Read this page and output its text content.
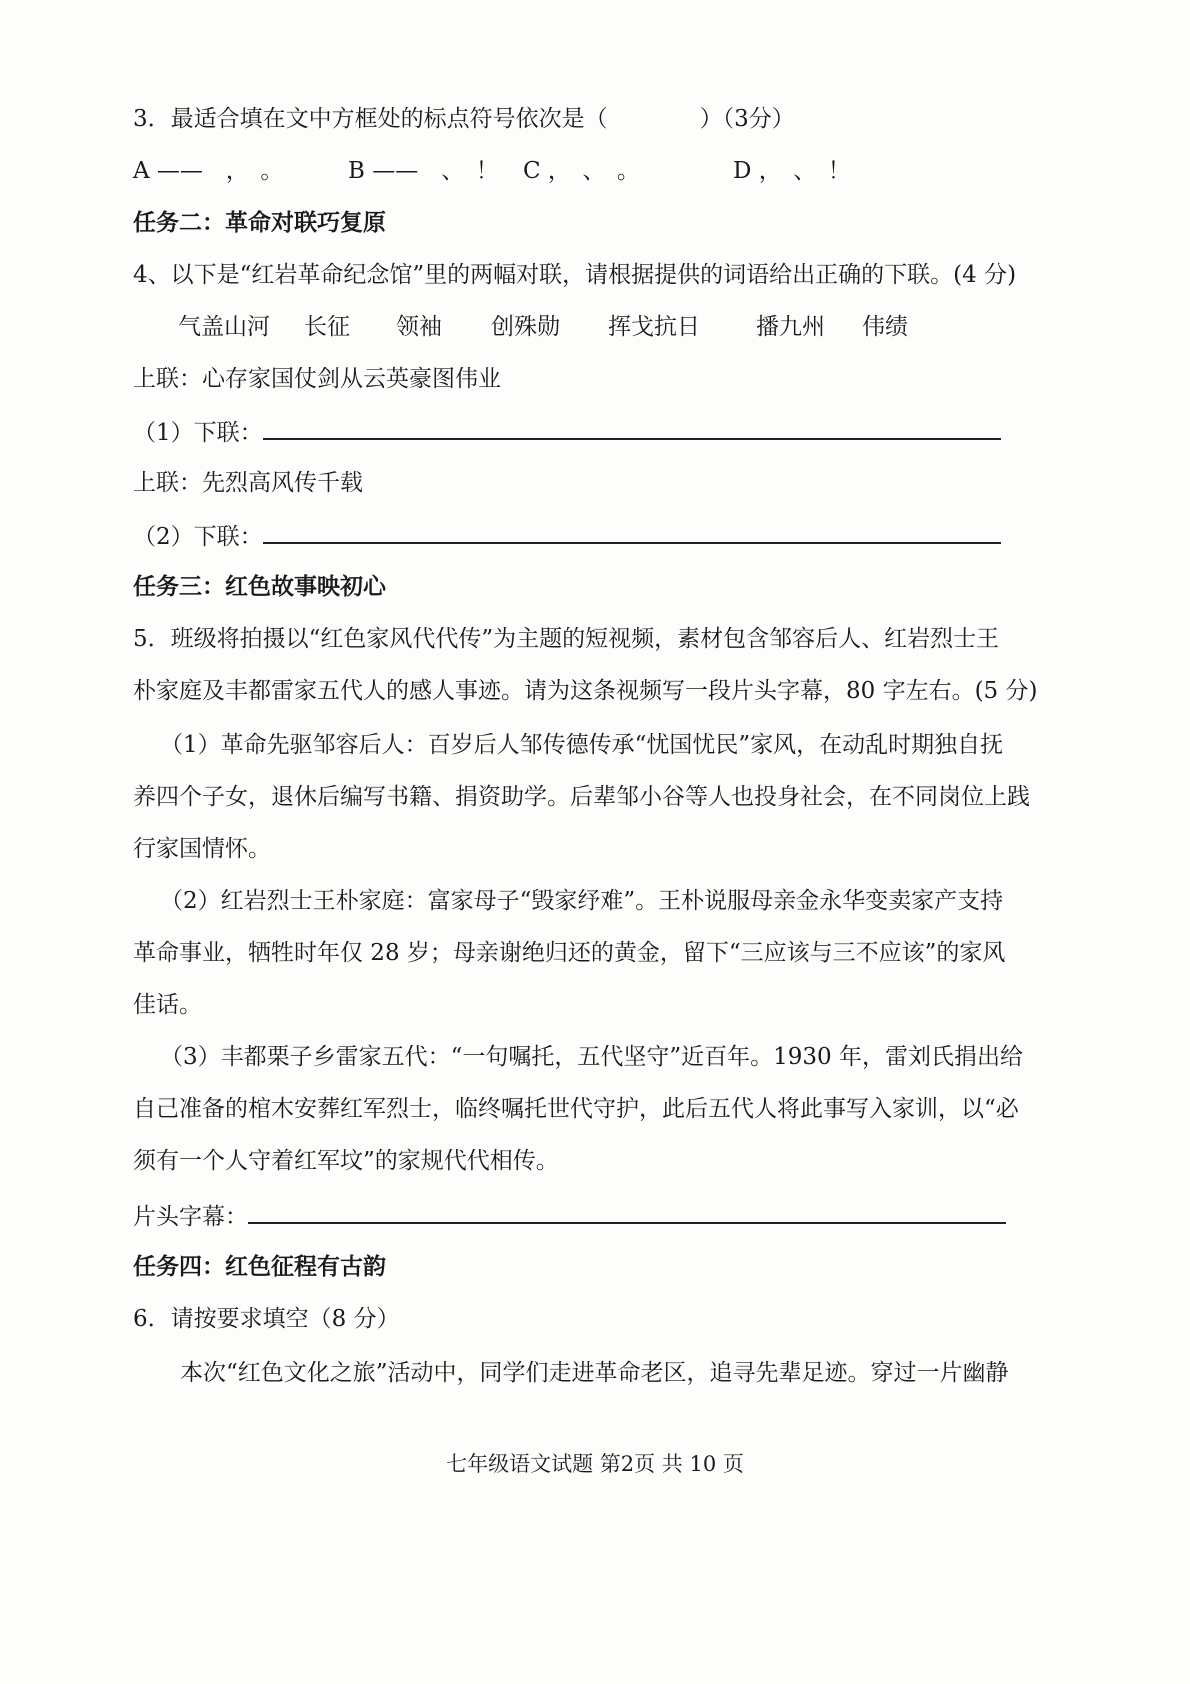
3．最适合填在文中方框处的标点符号依次是（　　　　）（3分）
A ——　，　。	B ——　、　！ C ，　、　。	D ，　、　！
任务二：革命对联巧复原
4、以下是“红岩革命纪念馆”里的两幅对联，请根据提供的词语给出正确的下联。(4 分)
气盖山河 长征 领袖 创殊勋 挥戈抗日 播九州 伟绩
上联：心存家国仗剑从云英豪图伟业
（1）下联：
上联：先烈高风传千载
（2）下联：
任务三：红色故事映初心
5．班级将拍摄以“红色家风代代传”为主题的短视频，素材包含邹容后人、红岩烈士王
朴家庭及丰都雷家五代人的感人事迹。请为这条视频写一段片头字幕，80 字左右。(5 分)
（1）革命先驱邹容后人：百岁后人邹传德传承“忧国忧民”家风，在动乱时期独自抚
养四个子女，退休后编写书籍、捐资助学。后辈邹小谷等人也投身社会，在不同岗位上践
行家国情怀。
（2）红岩烈士王朴家庭：富家母子“毁家纾难”。王朴说服母亲金永华变卖家产支持
革命事业，牺牲时年仅 28 岁；母亲谢绝归还的黄金，留下“三应该与三不应该”的家风
佳话。
（3）丰都栗子乡雷家五代：“一句嘱托，五代坚守”近百年。1930 年，雷刘氏捐出给
自己准备的棺木安葬红军烈士，临终嘱托世代守护，此后五代人将此事写入家训，以“必
须有一个人守着红军坟”的家规代代相传。
片头字幕：
任务四：红色征程有古韵
6．请按要求填空（8 分）
本次“红色文化之旅”活动中，同学们走进革命老区，追寻先辈足迹。穿过一片幽静
七年级语文试题 第2页 共 10 页
